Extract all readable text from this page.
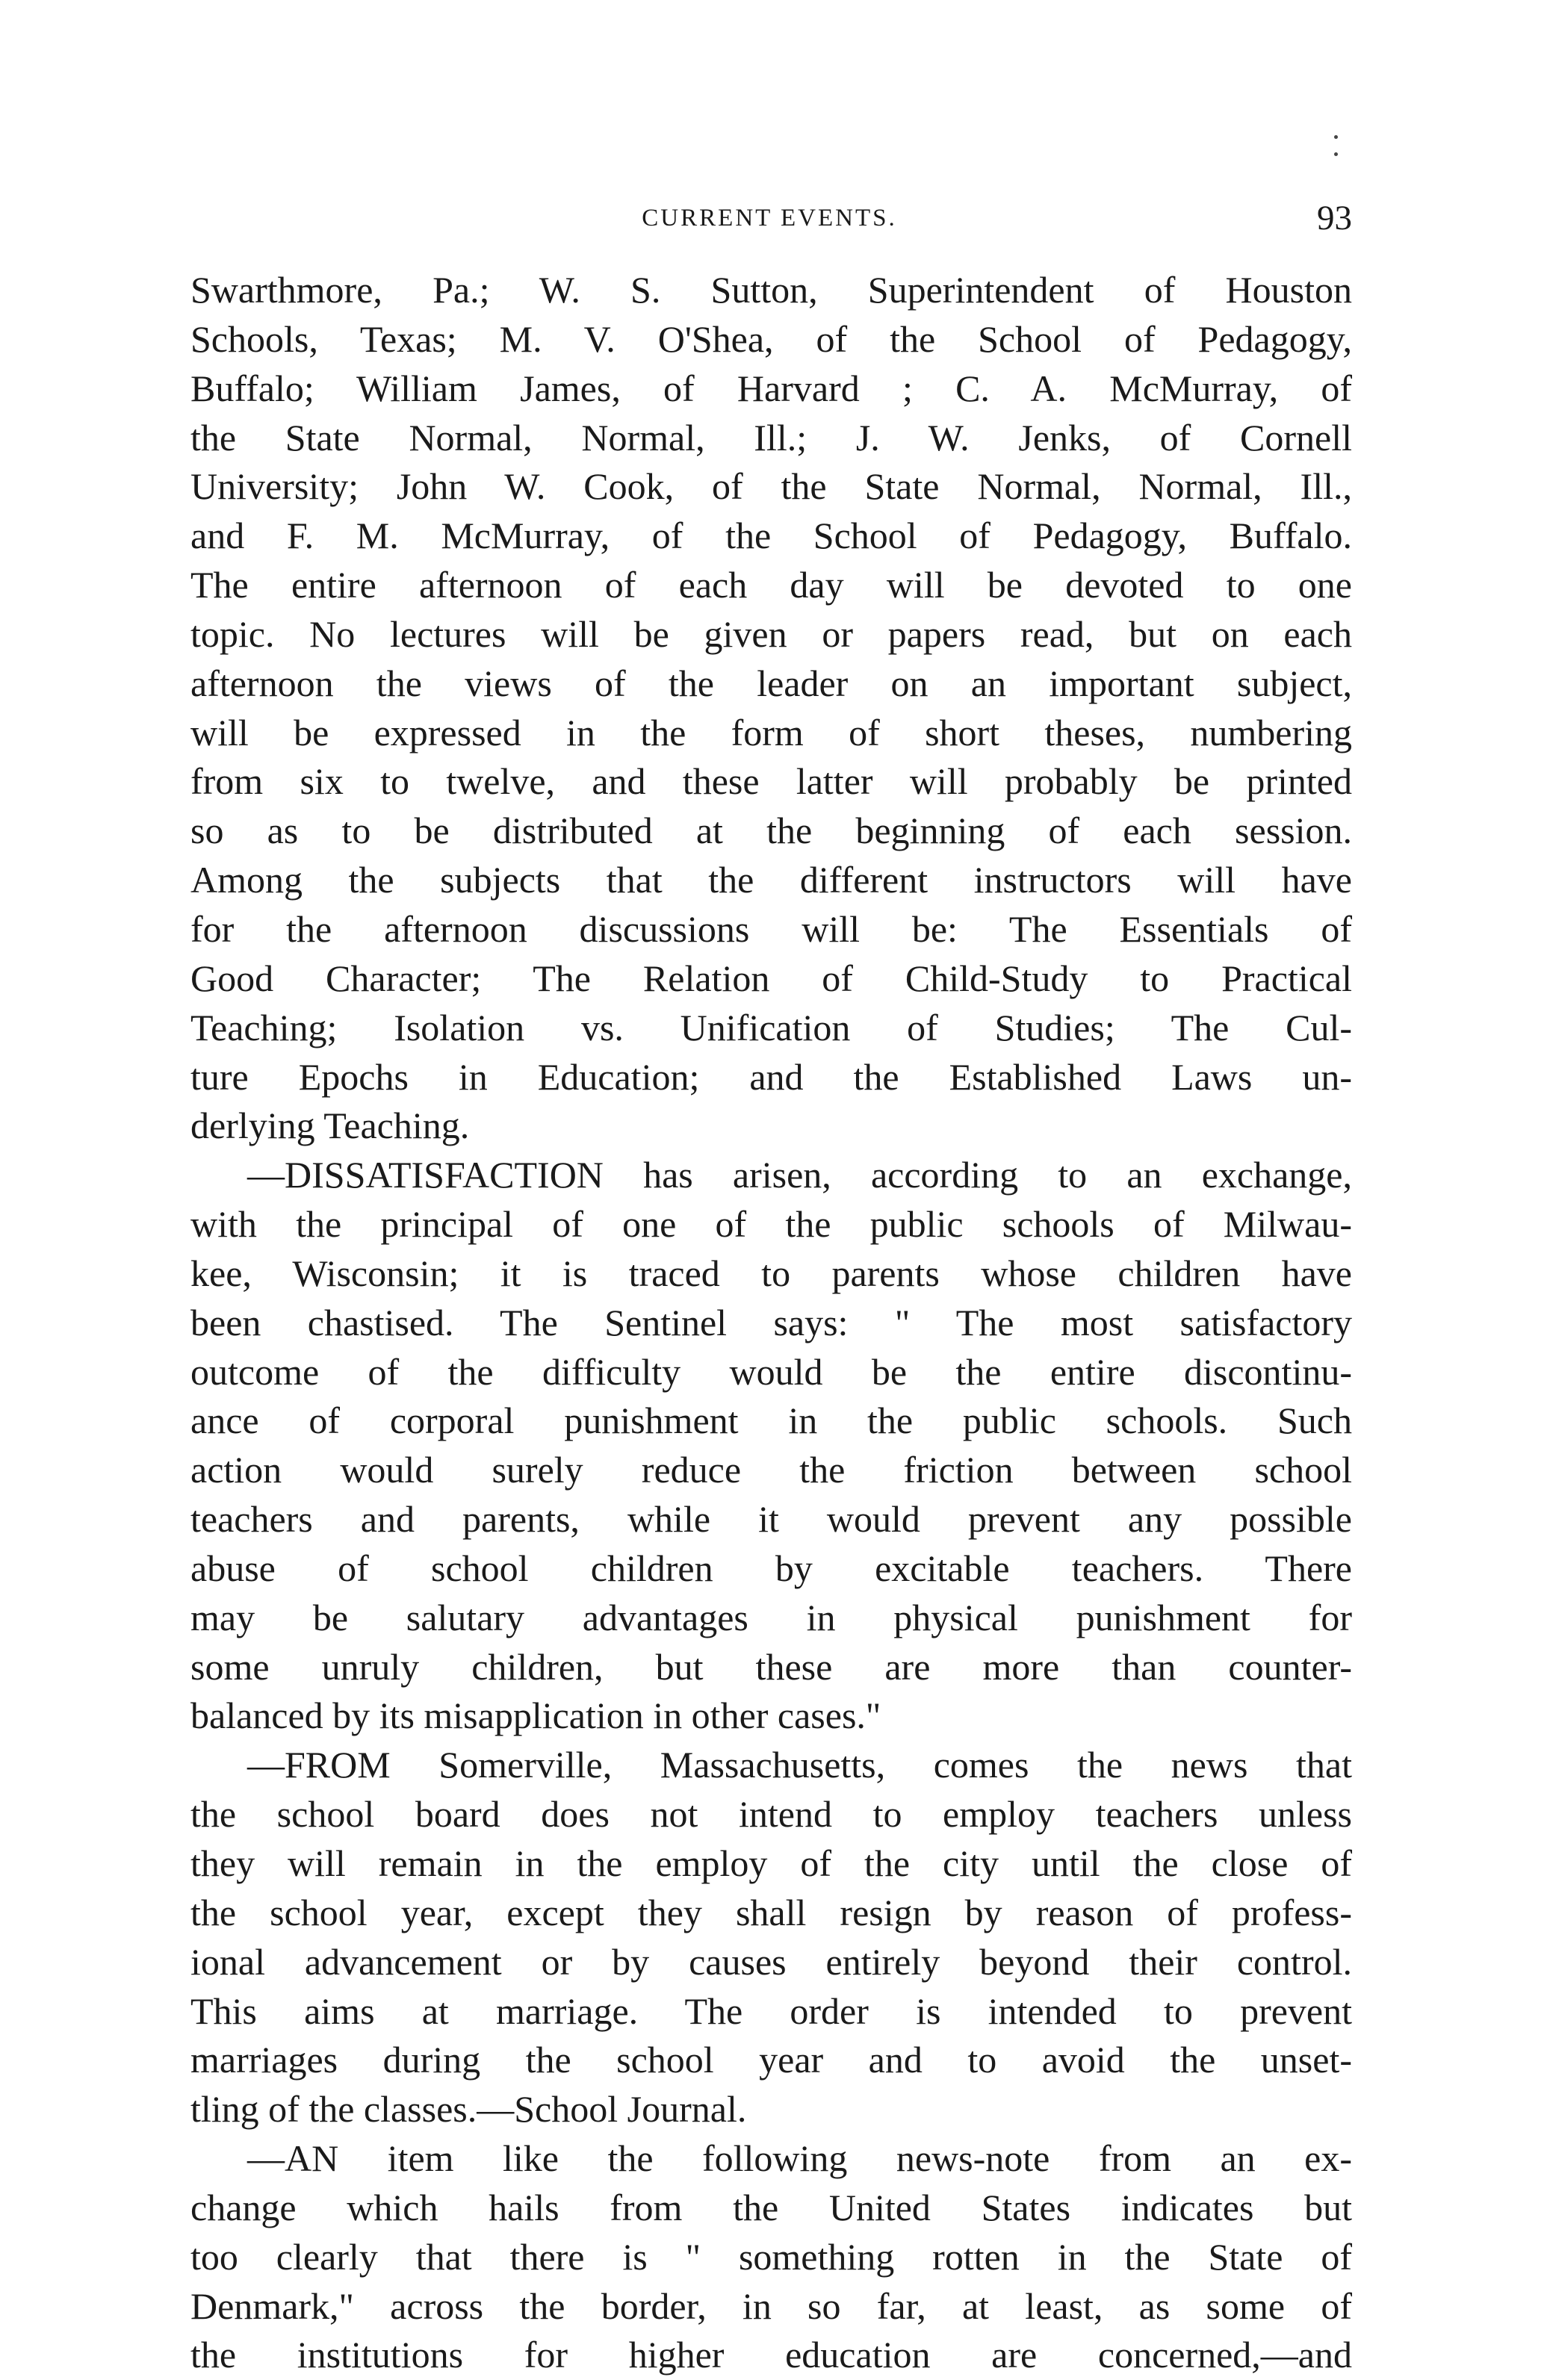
CURRENT EVENTS.	93
Swarthmore, Pa.; W. S. Sutton, Superintendent of Houston
Schools, Texas; M. V. O'Shea, of the School of Pedagogy,
Buffalo; William James, of Harvard ; C. A. McMurray, of
the State Normal, Normal, Ill.; J. W. Jenks, of Cornell
University; John W. Cook, of the State Normal, Normal, Ill.,
and F. M. McMurray, of the School of Pedagogy, Buffalo.
The entire afternoon of each day will be devoted to one
topic. No lectures will be given or papers read, but on each
afternoon the views of the leader on an important subject,
will be expressed in the form of short theses, numbering
from six to twelve, and these latter will probably be printed
so as to be distributed at the beginning of each session.
Among the subjects that the different instructors will have
for the afternoon discussions will be: The Essentials of
Good Character; The Relation of Child-Study to Practical
Teaching; Isolation vs. Unification of Studies; The Cul-
ture Epochs in Education; and the Established Laws un-
derlying Teaching.
—DISSATISFACTION has arisen, according to an exchange,
with the principal of one of the public schools of Milwau-
kee, Wisconsin; it is traced to parents whose children have
been chastised. The Sentinel says: " The most satisfactory
outcome of the difficulty would be the entire discontinu-
ance of corporal punishment in the public schools. Such
action would surely reduce the friction between school
teachers and parents, while it would prevent any possible
abuse of school children by excitable teachers. There
may be salutary advantages in physical punishment for
some unruly children, but these are more than counter-
balanced by its misapplication in other cases."
—FROM Somerville, Massachusetts, comes the news that
the school board does not intend to employ teachers unless
they will remain in the employ of the city until the close of
the school year, except they shall resign by reason of profess-
ional advancement or by causes entirely beyond their control.
This aims at marriage. The order is intended to prevent
marriages during the school year and to avoid the unset-
tling of the classes.—School Journal.
—AN item like the following news-note from an ex-
change which hails from the United States indicates but
too clearly that there is " something rotten in the State of
Denmark," across the border, in so far, at least, as some of
the institutions for higher education are concerned,—and
